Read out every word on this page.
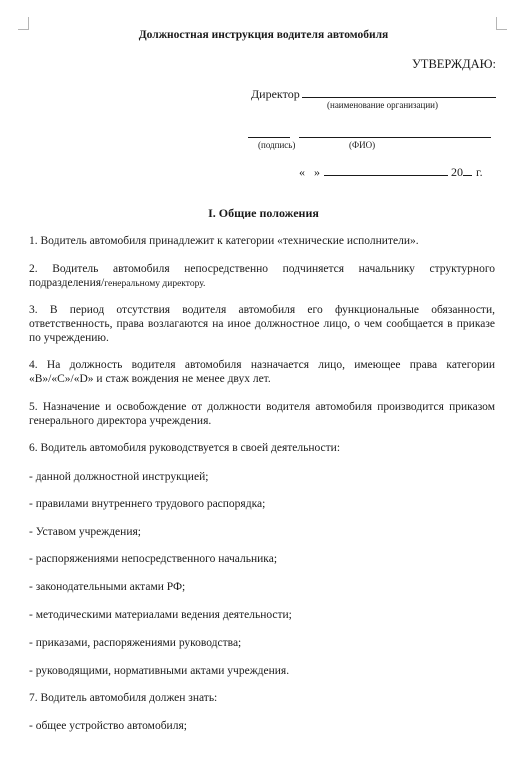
Должностная инструкция водителя автомобиля
УТВЕРЖДАЮ:
Директор
(наименование организации)
(подпись)	(ФИО)
« »	20 г.
I. Общие положения
1. Водитель автомобиля принадлежит к категории «технические исполнители».
2. Водитель автомобиля непосредственно подчиняется начальнику структурного подразделения/генеральному директору.
3. В период отсутствия водителя автомобиля его функциональные обязанности, ответственность, права возлагаются на иное должностное лицо, о чем сообщается в приказе по учреждению.
4. На должность водителя автомобиля назначается лицо, имеющее права категории «B»/«C»/«D» и стаж вождения не менее двух лет.
5. Назначение и освобождение от должности водителя автомобиля производится приказом генерального директора учреждения.
6. Водитель автомобиля руководствуется в своей деятельности:
- данной должностной инструкцией;
- правилами внутреннего трудового распорядка;
- Уставом учреждения;
- распоряжениями непосредственного начальника;
- законодательными актами РФ;
- методическими материалами ведения деятельности;
- приказами, распоряжениями руководства;
- руководящими, нормативными актами учреждения.
7. Водитель автомобиля должен знать:
- общее устройство автомобиля;
